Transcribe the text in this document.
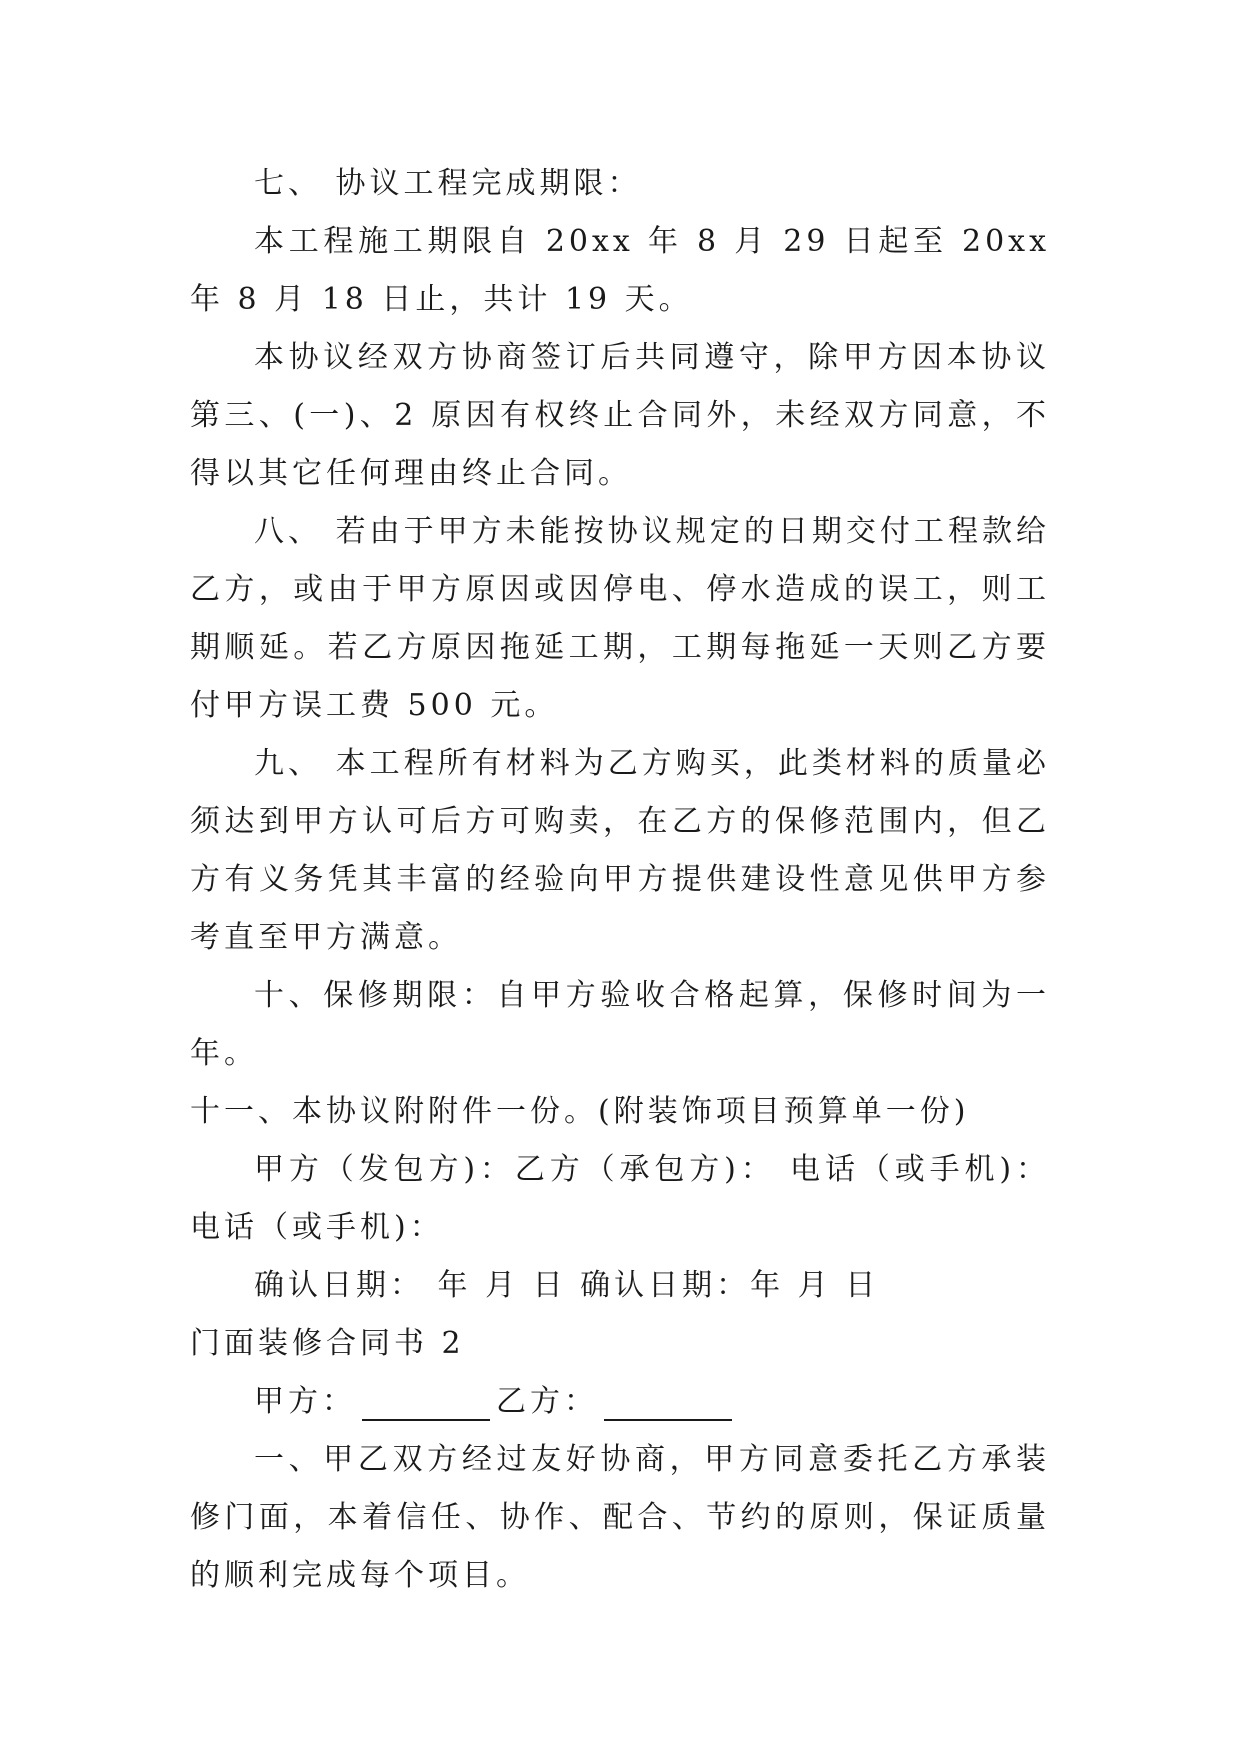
七、 协议工程完成期限：

本工程施工期限自 20xx 年 8 月 29 日起至 20xx 年 8 月 18 日止，共计 19 天。

本协议经双方协商签订后共同遵守，除甲方因本协议第三、(一)、2 原因有权终止合同外，未经双方同意，不得以其它任何理由终止合同。

八、 若由于甲方未能按协议规定的日期交付工程款给乙方，或由于甲方原因或因停电、停水造成的误工，则工期顺延。若乙方原因拖延工期，工期每拖延一天则乙方要付甲方误工费 500 元。

九、 本工程所有材料为乙方购买，此类材料的质量必须达到甲方认可后方可购卖，在乙方的保修范围内，但乙方有义务凭其丰富的经验向甲方提供建设性意见供甲方参考直至甲方满意。

十、保修期限：自甲方验收合格起算，保修时间为一年。

十一、本协议附附件一份。(附装饰项目预算单一份)

甲方（发包方)：乙方（承包方)： 电话（或手机)：电话（或手机)：

确认日期： 年 月 日 确认日期：年 月 日

门面装修合同书 2

甲方：	乙方：

一、甲乙双方经过友好协商，甲方同意委托乙方承装修门面，本着信任、协作、配合、节约的原则，保证质量的顺利完成每个项目。
